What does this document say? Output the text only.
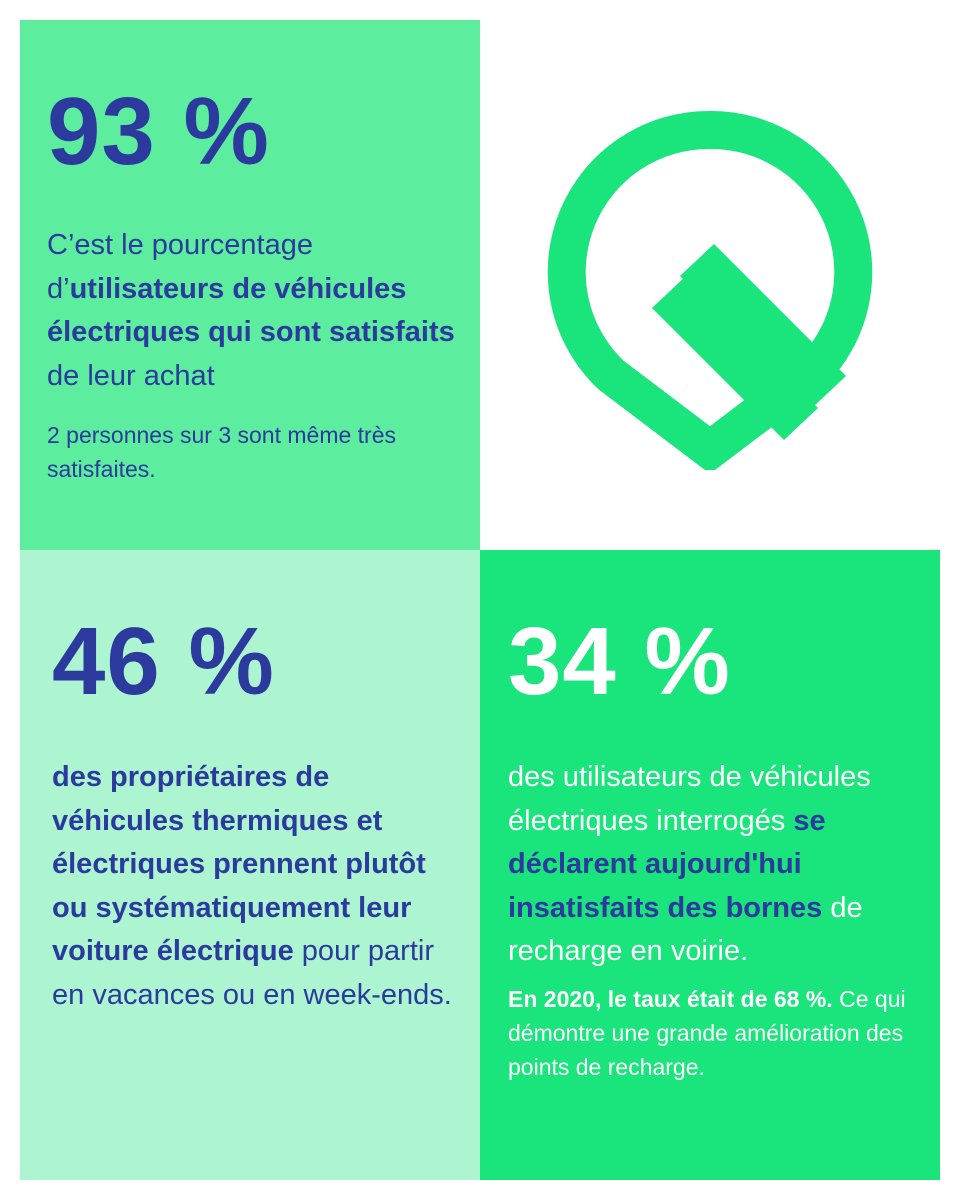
93 %

C’est le pourcentage d’utilisateurs de véhicules électriques qui sont satisfaits de leur achat

2 personnes sur 3 sont même très satisfaites.

46 %

des propriétaires de véhicules thermiques et électriques prennent plutôt ou systématiquement leur voiture électrique pour partir en vacances ou en week-ends.

34 %

des utilisateurs de véhicules électriques interrogés se déclarent aujourd'hui insatisfaits des bornes de recharge en voirie.

En 2020, le taux était de 68 %. Ce qui démontre une grande amélioration des points de recharge.
